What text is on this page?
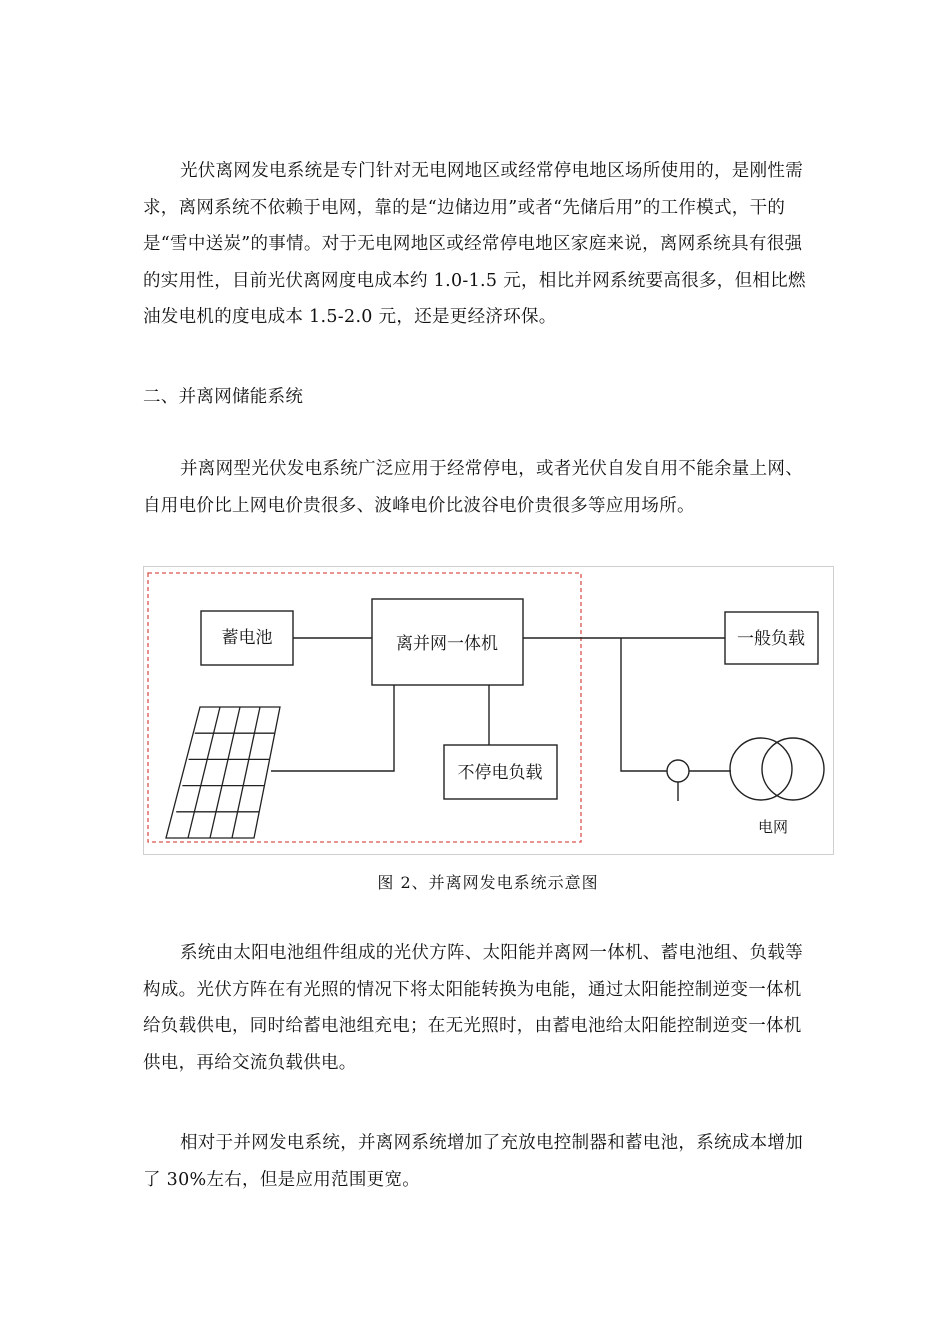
光伏离网发电系统是专门针对无电网地区或经常停电地区场所使用的，是刚性需求，离网系统不依赖于电网，靠的是“边储边用”或者“先储后用”的工作模式，干的是“雪中送炭”的事情。对于无电网地区或经常停电地区家庭来说，离网系统具有很强的实用性，目前光伏离网度电成本约 1.0-1.5 元，相比并网系统要高很多，但相比燃油发电机的度电成本 1.5-2.0 元，还是更经济环保。

二、并离网储能系统

并离网型光伏发电系统广泛应用于经常停电，或者光伏自发自用不能余量上网、自用电价比上网电价贵很多、波峰电价比波谷电价贵很多等应用场所。

蓄电池	离并网一体机
不停电负载
一般负载
电网

图 2、并离网发电系统示意图

系统由太阳电池组件组成的光伏方阵、太阳能并离网一体机、蓄电池组、负载等构成。光伏方阵在有光照的情况下将太阳能转换为电能，通过太阳能控制逆变一体机给负载供电，同时给蓄电池组充电；在无光照时，由蓄电池给太阳能控制逆变一体机供电，再给交流负载供电。

相对于并网发电系统，并离网系统增加了充放电控制器和蓄电池，系统成本增加了 30%左右，但是应用范围更宽。
